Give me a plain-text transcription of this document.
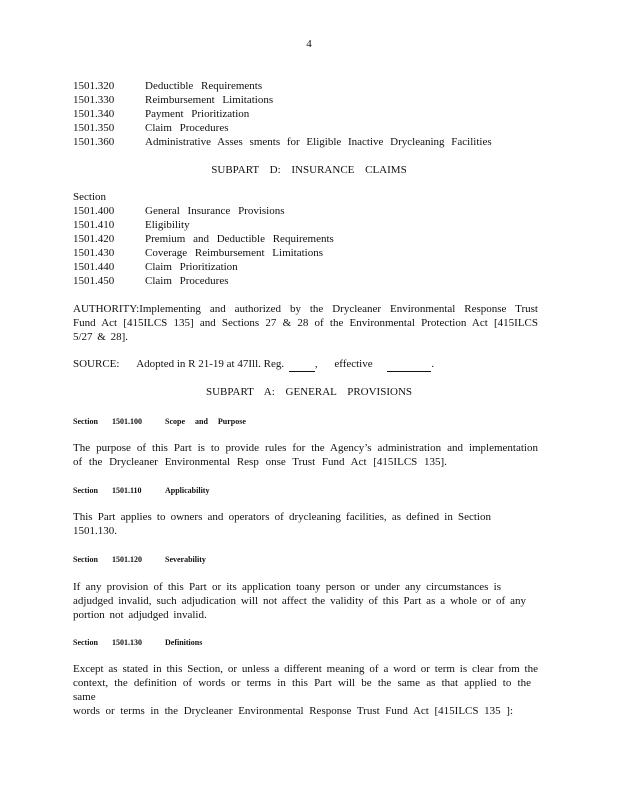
4
1501.320	Deductible Requirements
1501.330	Reimbursement Limitations
1501.340	Payment Prioritization
1501.350	Claim Procedures
1501.360	Administrative Asses sments for Eligible Inactive Drycleaning Facilities
SUBPART D: INSURANCE CLAIMS
Section
1501.400	General Insurance Provisions
1501.410	Eligibility
1501.420	Premium and Deductible Requirements
1501.430	Coverage Reimbursement Limitations
1501.440	Claim Prioritization
1501.450	Claim Procedures

AUTHORITY:Implementing and authorized by the Drycleaner Environmental Response Trust

Fund Act [415ILCS 135] and Sections 27 & 28 of the Environmental Protection Act [415ILCS

5/27 & 28].

SOURCE: Adopted in R 21-19 at 47Ill. Reg.	, effective	.
SUBPART A: GENERAL PROVISIONS
Section 1501.100	Scope and Purpose

The purpose of this Part is to provide rules for the Agency’s administration and implementation

of the Drycleaner Environmental Resp onse Trust Fund Act [415ILCS 135].

Section 1501.110	Applicability

This Part applies to owners and operators of drycleaning facilities, as defined in Section

1501.130.

Section 1501.120	Severability

If any provision of this Part or its application toany person or under any circumstances is

adjudged invalid, such adjudication will not affect the validity of this Part as a whole or of any

portion not adjudged invalid.

Section 1501.130	Definitions

Except as stated in this Section, or unless a different meaning of a word or term is clear from the

context, the definition of words or terms in this Part will be the same as that applied to the same

words or terms in the Drycleaner Environmental Response Trust Fund Act [415ILCS 135 ]:
